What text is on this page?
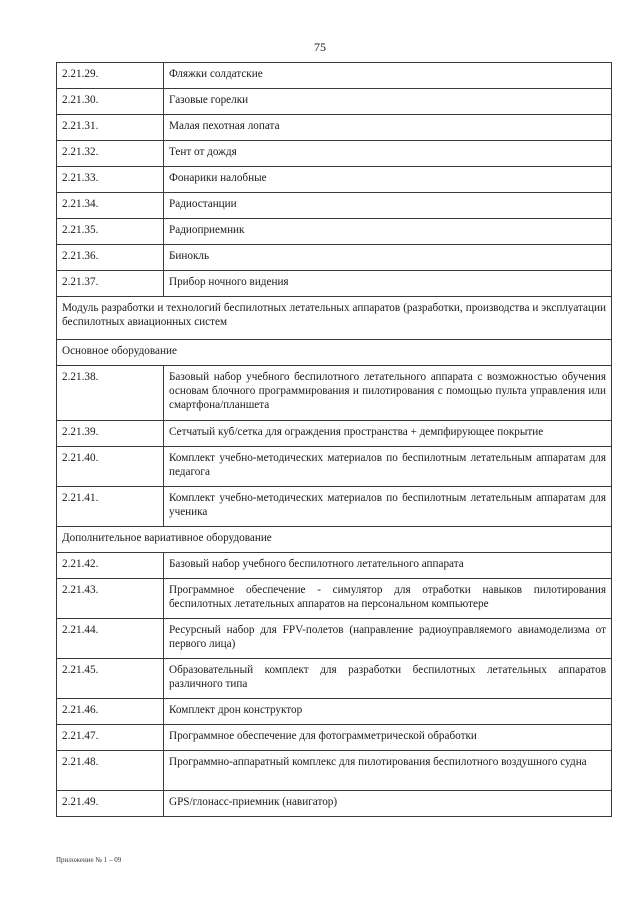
75
2.21.29.	Фляжки солдатские
2.21.30.	Газовые горелки
2.21.31.	Малая пехотная лопата
2.21.32.	Тент от дождя
2.21.33.	Фонарики налобные
2.21.34.	Радиостанции
2.21.35.	Радиоприемник
2.21.36.	Бинокль
2.21.37.	Прибор ночного видения
Модуль разработки и технологий беспилотных летательных аппаратов (разработки, производства и эксплуатации беспилотных авиационных систем	
Основное оборудование	
2.21.38.	Базовый набор учебного беспилотного летательного аппарата с возможностью обучения основам блочного программирования и пилотирования с помощью пульта управления или смартфона/планшета
2.21.39.	Сетчатый куб/сетка для ограждения пространства + демпфирующее покрытие
2.21.40.	Комплект учебно-методических материалов по беспилотным летательным аппаратам для педагога
2.21.41.	Комплект учебно-методических материалов по беспилотным летательным аппаратам для ученика
Дополнительное вариативное оборудование	
2.21.42.	Базовый набор учебного беспилотного летательного аппарата
2.21.43.	Программное обеспечение - симулятор для отработки навыков пилотирования беспилотных летательных аппаратов на персональном компьютере
2.21.44.	Ресурсный набор для FPV-полетов (направление радиоуправляемого авиамоделизма от первого лица)
2.21.45.	Образовательный комплект для разработки беспилотных летательных аппаратов различного типа
2.21.46.	Комплект дрон конструктор
2.21.47.	Программное обеспечение для фотограмметрической обработки
2.21.48.	Программно-аппаратный комплекс для пилотирования беспилотного воздушного судна
2.21.49.	GPS/глонасс-приемник (навигатор)
Приложение № 1 – 09
